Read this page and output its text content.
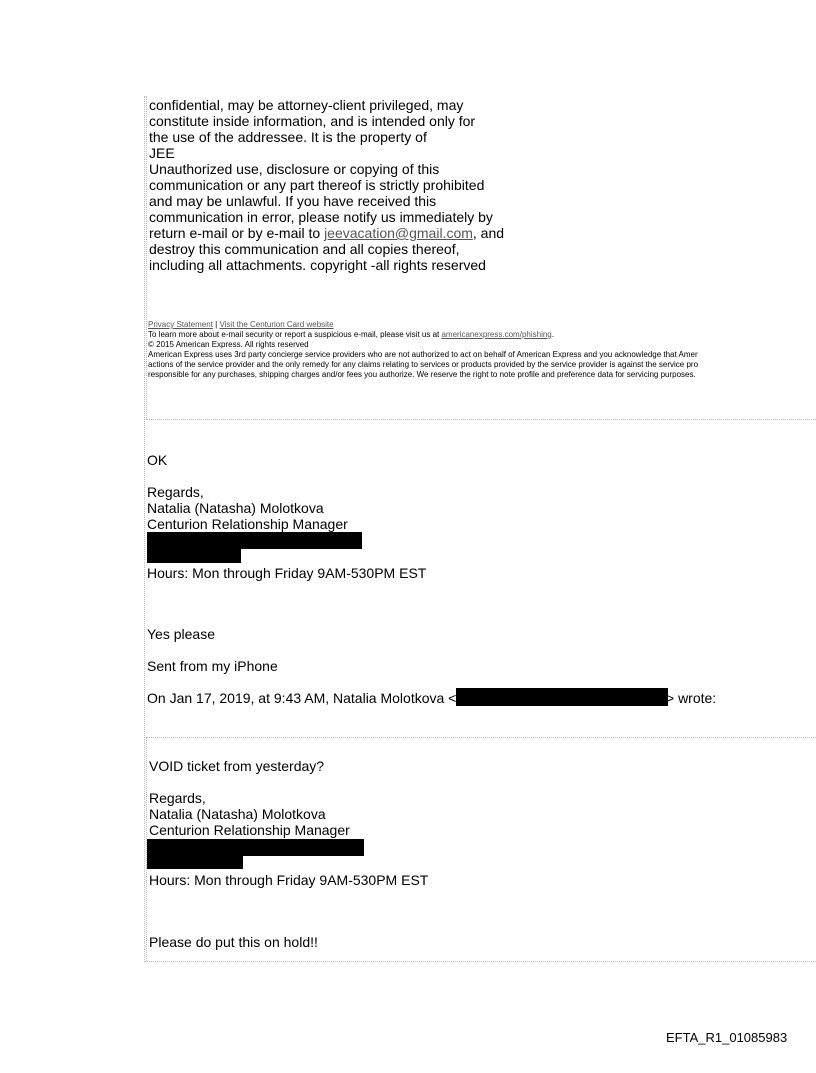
confidential, may be attorney-client privileged, may
constitute inside information, and is intended only for
the use of the addressee. It is the property of
JEE
Unauthorized use, disclosure or copying of this
communication or any part thereof is strictly prohibited
and may be unlawful. If you have received this
communication in error, please notify us immediately by
return e-mail or by e-mail to jeevacation@gmail.com, and
destroy this communication and all copies thereof,
including all attachments. copyright -all rights reserved
Privacy Statement | Visit the Centurion Card website
To learn more about e-mail security or report a suspicious e-mail, please visit us at americanexpress.com/phishing.
© 2015 American Express. All rights reserved
American Express uses 3rd party concierge service providers who are not authorized to act on behalf of American Express and you acknowledge that Amer
actions of the service provider and the only remedy for any claims relating to services or products provided by the service provider is against the service pro
responsible for any purchases, shipping charges and/or fees you authorize. We reserve the right to note profile and preference data for servicing purposes.
OK
Regards,
Natalia (Natasha) Molotkova
Centurion Relationship Manager
Hours: Mon through Friday 9AM-530PM EST
Yes please
Sent from my iPhone
On Jan 17, 2019, at 9:43 AM, Natalia Molotkova <	> wrote:
VOID ticket from yesterday?
Regards,
Natalia (Natasha) Molotkova
Centurion Relationship Manager
Hours: Mon through Friday 9AM-530PM EST
Please do put this on hold!!
EFTA_R1_01085983
